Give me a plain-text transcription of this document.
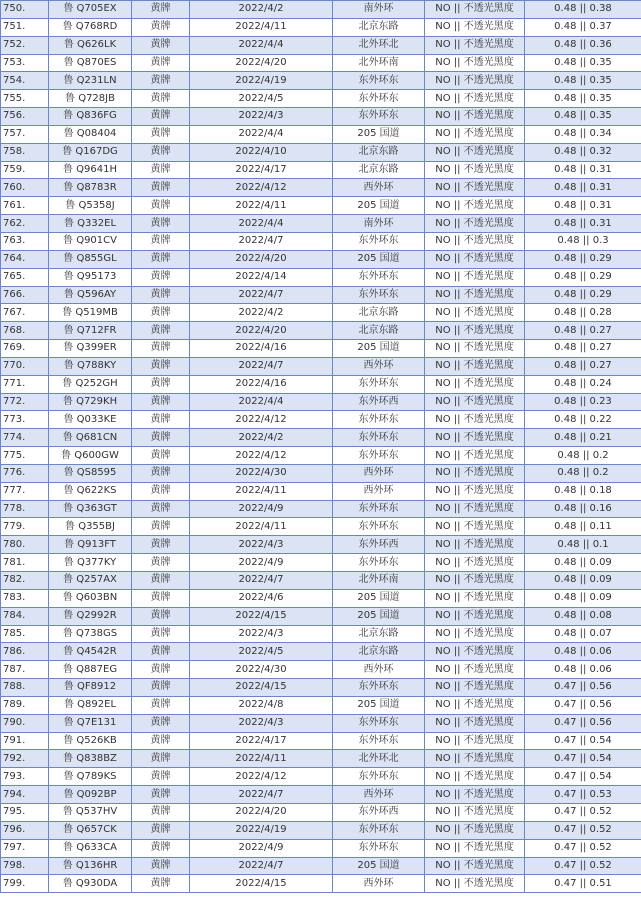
750.	鲁 Q705EX	黄牌	2022/4/2	南外环	NO || 不透光黑度	0.48 || 0.38
751.	鲁 Q768RD	黄牌	2022/4/11	北京东路	NO || 不透光黑度	0.48 || 0.37
752.	鲁 Q626LK	黄牌	2022/4/4	北外环北	NO || 不透光黑度	0.48 || 0.36
753.	鲁 Q870ES	黄牌	2022/4/20	北外环南	NO || 不透光黑度	0.48 || 0.35
754.	鲁 Q231LN	黄牌	2022/4/19	东外环东	NO || 不透光黑度	0.48 || 0.35
755.	鲁 Q728JB	黄牌	2022/4/5	东外环东	NO || 不透光黑度	0.48 || 0.35
756.	鲁 Q836FG	黄牌	2022/4/3	东外环东	NO || 不透光黑度	0.48 || 0.35
757.	鲁 Q08404	黄牌	2022/4/4	205 国道	NO || 不透光黑度	0.48 || 0.34
758.	鲁 Q167DG	黄牌	2022/4/10	北京东路	NO || 不透光黑度	0.48 || 0.32
759.	鲁 Q9641H	黄牌	2022/4/17	北京东路	NO || 不透光黑度	0.48 || 0.31
760.	鲁 Q8783R	黄牌	2022/4/12	西外环	NO || 不透光黑度	0.48 || 0.31
761.	鲁 Q5358J	黄牌	2022/4/11	205 国道	NO || 不透光黑度	0.48 || 0.31
762.	鲁 Q332EL	黄牌	2022/4/4	南外环	NO || 不透光黑度	0.48 || 0.31
763.	鲁 Q901CV	黄牌	2022/4/7	东外环东	NO || 不透光黑度	0.48 || 0.3
764.	鲁 Q855GL	黄牌	2022/4/20	205 国道	NO || 不透光黑度	0.48 || 0.29
765.	鲁 Q95173	黄牌	2022/4/14	东外环东	NO || 不透光黑度	0.48 || 0.29
766.	鲁 Q596AY	黄牌	2022/4/7	东外环东	NO || 不透光黑度	0.48 || 0.29
767.	鲁 Q519MB	黄牌	2022/4/2	北京东路	NO || 不透光黑度	0.48 || 0.28
768.	鲁 Q712FR	黄牌	2022/4/20	北京东路	NO || 不透光黑度	0.48 || 0.27
769.	鲁 Q399ER	黄牌	2022/4/16	205 国道	NO || 不透光黑度	0.48 || 0.27
770.	鲁 Q788KY	黄牌	2022/4/7	西外环	NO || 不透光黑度	0.48 || 0.27
771.	鲁 Q252GH	黄牌	2022/4/16	东外环东	NO || 不透光黑度	0.48 || 0.24
772.	鲁 Q729KH	黄牌	2022/4/4	东外环西	NO || 不透光黑度	0.48 || 0.23
773.	鲁 Q033KE	黄牌	2022/4/12	东外环东	NO || 不透光黑度	0.48 || 0.22
774.	鲁 Q681CN	黄牌	2022/4/2	东外环东	NO || 不透光黑度	0.48 || 0.21
775.	鲁 Q600GW	黄牌	2022/4/12	东外环东	NO || 不透光黑度	0.48 || 0.2
776.	鲁 QS8595	黄牌	2022/4/30	西外环	NO || 不透光黑度	0.48 || 0.2
777.	鲁 Q622KS	黄牌	2022/4/11	西外环	NO || 不透光黑度	0.48 || 0.18
778.	鲁 Q363GT	黄牌	2022/4/9	东外环东	NO || 不透光黑度	0.48 || 0.16
779.	鲁 Q355BJ	黄牌	2022/4/11	东外环东	NO || 不透光黑度	0.48 || 0.11
780.	鲁 Q913FT	黄牌	2022/4/3	东外环西	NO || 不透光黑度	0.48 || 0.1
781.	鲁 Q377KY	黄牌	2022/4/9	东外环东	NO || 不透光黑度	0.48 || 0.09
782.	鲁 Q257AX	黄牌	2022/4/7	北外环南	NO || 不透光黑度	0.48 || 0.09
783.	鲁 Q603BN	黄牌	2022/4/6	205 国道	NO || 不透光黑度	0.48 || 0.09
784.	鲁 Q2992R	黄牌	2022/4/15	205 国道	NO || 不透光黑度	0.48 || 0.08
785.	鲁 Q738GS	黄牌	2022/4/3	北京东路	NO || 不透光黑度	0.48 || 0.07
786.	鲁 Q4542R	黄牌	2022/4/5	北京东路	NO || 不透光黑度	0.48 || 0.06
787.	鲁 Q887EG	黄牌	2022/4/30	西外环	NO || 不透光黑度	0.48 || 0.06
788.	鲁 QF8912	黄牌	2022/4/15	东外环东	NO || 不透光黑度	0.47 || 0.56
789.	鲁 Q892EL	黄牌	2022/4/8	205 国道	NO || 不透光黑度	0.47 || 0.56
790.	鲁 Q7E131	黄牌	2022/4/3	东外环东	NO || 不透光黑度	0.47 || 0.56
791.	鲁 Q526KB	黄牌	2022/4/17	东外环东	NO || 不透光黑度	0.47 || 0.54
792.	鲁 Q838BZ	黄牌	2022/4/11	北外环北	NO || 不透光黑度	0.47 || 0.54
793.	鲁 Q789KS	黄牌	2022/4/12	东外环东	NO || 不透光黑度	0.47 || 0.54
794.	鲁 Q092BP	黄牌	2022/4/7	西外环	NO || 不透光黑度	0.47 || 0.53
795.	鲁 Q537HV	黄牌	2022/4/20	东外环西	NO || 不透光黑度	0.47 || 0.52
796.	鲁 Q657CK	黄牌	2022/4/19	东外环东	NO || 不透光黑度	0.47 || 0.52
797.	鲁 Q633CA	黄牌	2022/4/9	东外环东	NO || 不透光黑度	0.47 || 0.52
798.	鲁 Q136HR	黄牌	2022/4/7	205 国道	NO || 不透光黑度	0.47 || 0.52
799.	鲁 Q930DA	黄牌	2022/4/15	西外环	NO || 不透光黑度	0.47 || 0.51
